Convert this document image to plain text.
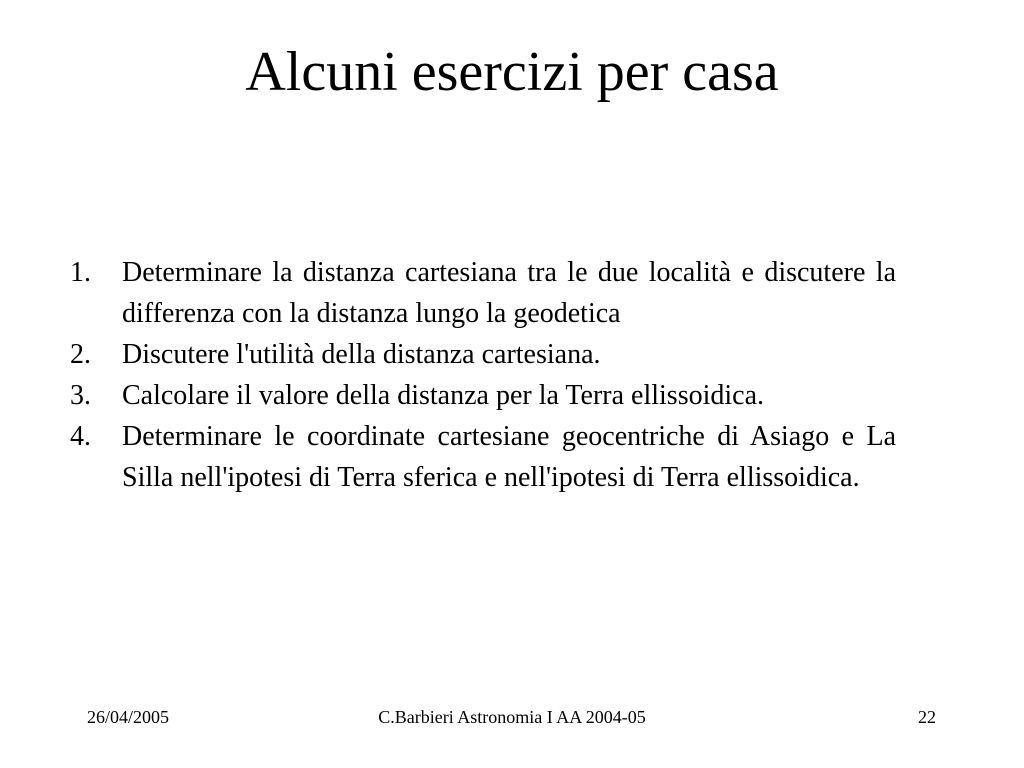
Alcuni esercizi per casa
1. Determinare la distanza cartesiana tra le due località e discutere la differenza con la distanza lungo la geodetica
2. Discutere l'utilità della distanza cartesiana.
3. Calcolare il valore della distanza per la Terra ellissoidica.
4. Determinare le coordinate cartesiane geocentriche di Asiago e La Silla nell'ipotesi di Terra sferica e nell'ipotesi di Terra ellissoidica.
26/04/2005	C.Barbieri Astronomia I AA 2004-05	22
